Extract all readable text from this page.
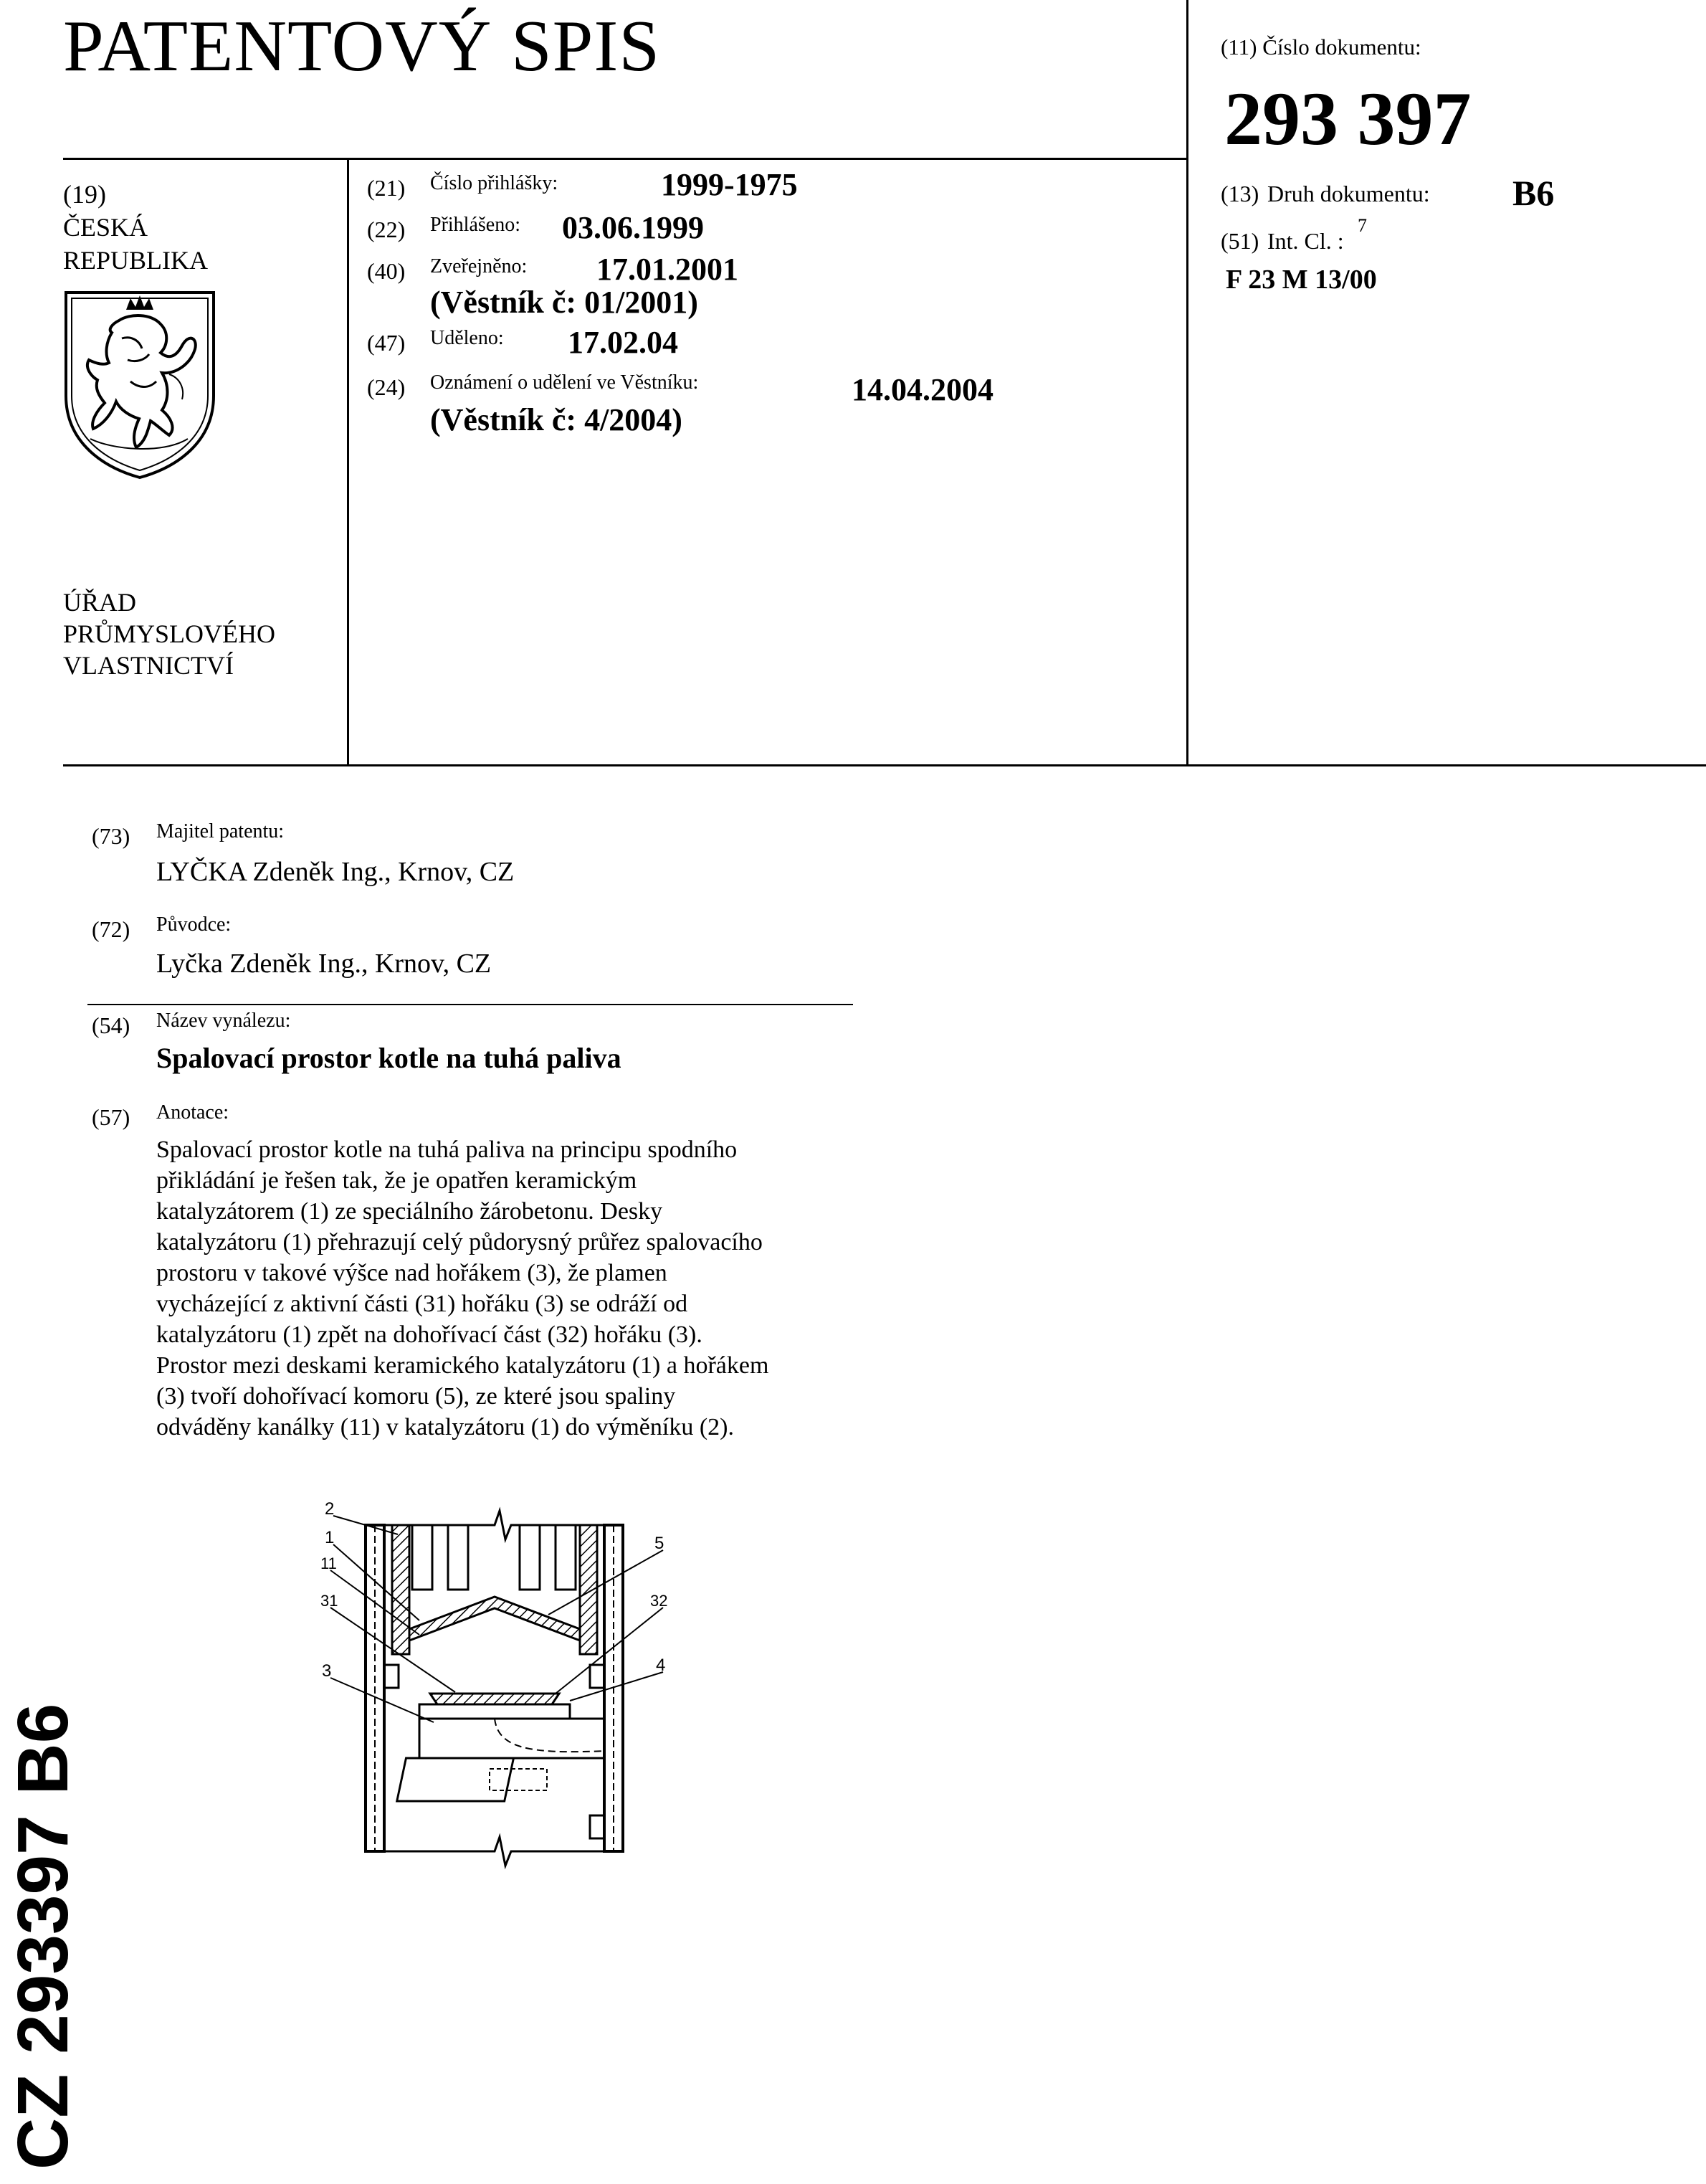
PATENTOVÝ SPIS	(11) Číslo dokumentu:
293 397
(19)
ČESKÁ
REPUBLIKA
ÚŘAD
PRŮMYSLOVÉHO
VLASTNICTVÍ
(21) Číslo přihlášky:	1999-1975
(22) Přihlášeno: 03.06.1999
(40) Zveřejněno: 17.01.2001
(Věstník č: 01/2001)
(47) Uděleno: 17.02.04
(24) Oznámení o udělení ve Věstníku:	14.04.2004
(Věstník č: 4/2004)
(13) Druh dokumentu: B6
(51) Int. Cl. :
7
F 23 M 13/00
(73) Majitel patentu:
LYČKA Zdeněk Ing., Krnov, CZ
(72) Původce:
Lyčka Zdeněk Ing., Krnov, CZ
(54) Název vynálezu:
Spalovací prostor kotle na tuhá paliva
(57) Anotace:
Spalovací prostor kotle na tuhá paliva na principu spodního
přikládání je řešen tak, že je opatřen keramickým
katalyzátorem (1) ze speciálního žárobetonu. Desky
katalyzátoru (1) přehrazují celý půdorysný průřez spalovacího
prostoru v takové výšce nad hořákem (3), že plamen
vycházející z aktivní části (31) hořáku (3) se odráží od
katalyzátoru (1) zpět na dohořívací část (32) hořáku (3).
Prostor mezi deskami keramického katalyzátoru (1) a hořákem
(3) tvoří dohořívací komoru (5), ze které jsou spaliny
odváděny kanálky (11) v katalyzátoru (1) do výměníku (2).
2
1
11
31
3
5
32
4
CZ 293397 B6
